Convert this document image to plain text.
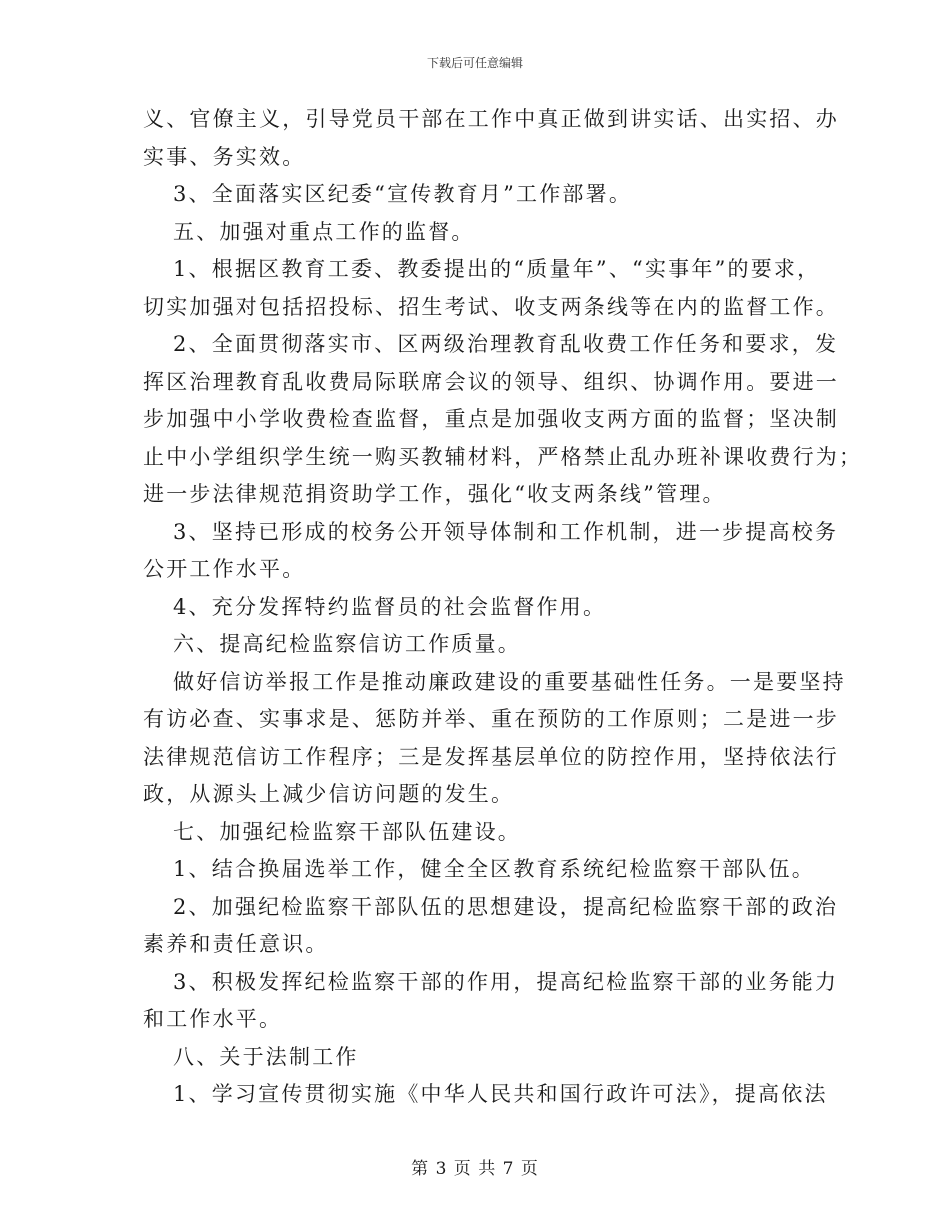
下载后可任意编辑
义、官僚主义，引导党员干部在工作中真正做到讲实话、出实招、办
实事、务实效。
3、全面落实区纪委“宣传教育月”工作部署。
五、加强对重点工作的监督。
1、根据区教育工委、教委提出的“质量年”、“实事年”的要求，
切实加强对包括招投标、招生考试、收支两条线等在内的监督工作。
2、全面贯彻落实市、区两级治理教育乱收费工作任务和要求，发
挥区治理教育乱收费局际联席会议的领导、组织、协调作用。要进一
步加强中小学收费检查监督，重点是加强收支两方面的监督；坚决制
止中小学组织学生统一购买教辅材料，严格禁止乱办班补课收费行为；
进一步法律规范捐资助学工作，强化“收支两条线”管理。
3、坚持已形成的校务公开领导体制和工作机制，进一步提高校务
公开工作水平。
4、充分发挥特约监督员的社会监督作用。
六、提高纪检监察信访工作质量。
做好信访举报工作是推动廉政建设的重要基础性任务。一是要坚持
有访必查、实事求是、惩防并举、重在预防的工作原则；二是进一步
法律规范信访工作程序；三是发挥基层单位的防控作用，坚持依法行
政，从源头上减少信访问题的发生。
七、加强纪检监察干部队伍建设。
1、结合换届选举工作，健全全区教育系统纪检监察干部队伍。
2、加强纪检监察干部队伍的思想建设，提高纪检监察干部的政治
素养和责任意识。
3、积极发挥纪检监察干部的作用，提高纪检监察干部的业务能力
和工作水平。
八、关于法制工作
1、学习宣传贯彻实施《中华人民共和国行政许可法》，提高依法
第 3 页 共 7 页
